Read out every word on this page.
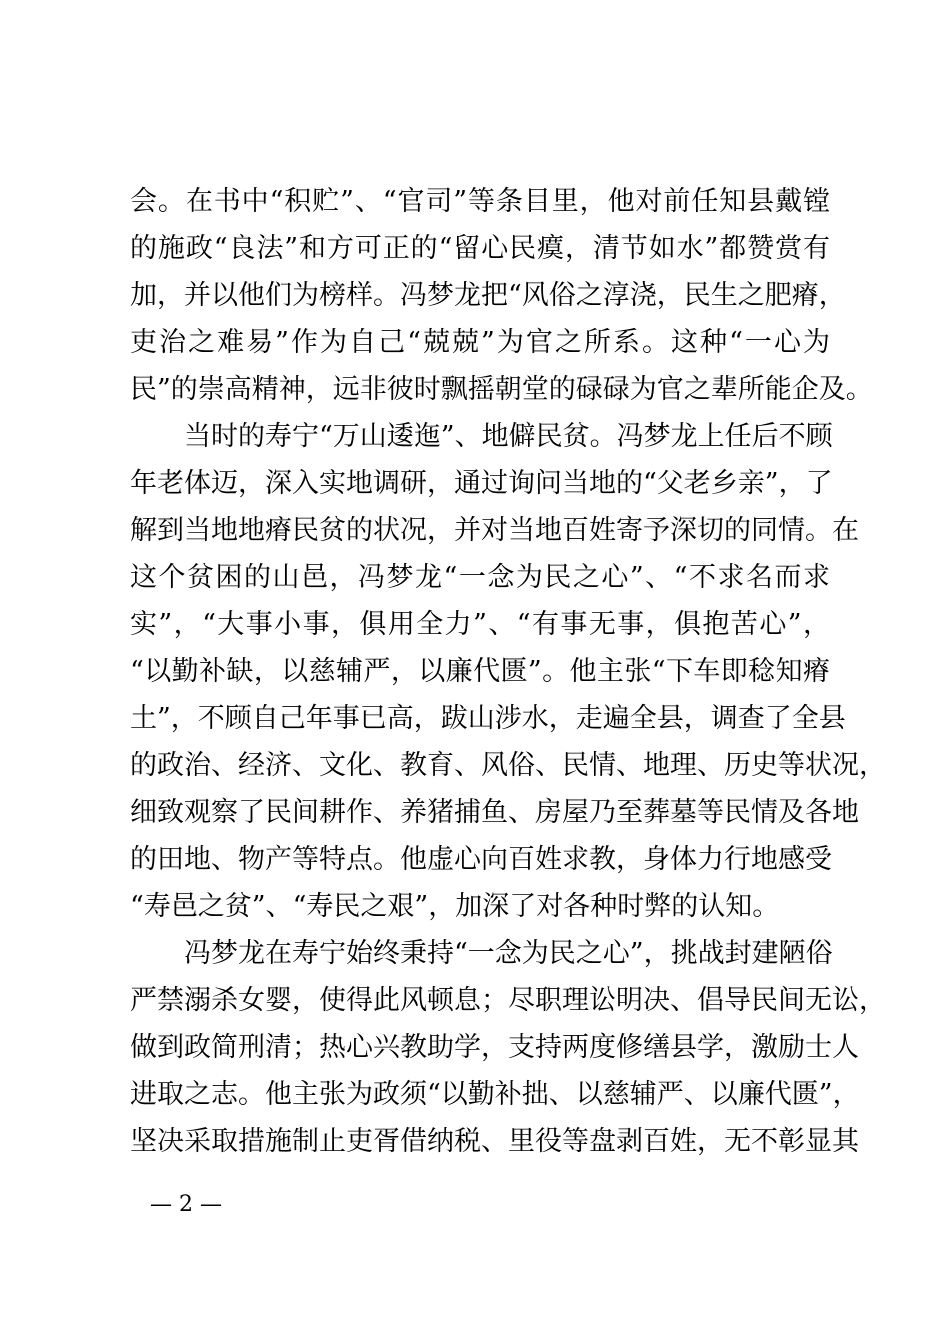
会。在书中“积贮”、“官司”等条目里，他对前任知县戴镗
的施政“良法”和方可正的“留心民瘼，清节如水”都赞赏有
加，并以他们为榜样。冯梦龙把“风俗之淳浇，民生之肥瘠，
吏治之难易”作为自己“兢兢”为官之所系。这种“一心为
民”的崇高精神，远非彼时飘摇朝堂的碌碌为官之辈所能企及。
当时的寿宁“万山逶迤”、地僻民贫。冯梦龙上任后不顾
年老体迈，深入实地调研，通过询问当地的“父老乡亲”，了
解到当地地瘠民贫的状况，并对当地百姓寄予深切的同情。在
这个贫困的山邑，冯梦龙“一念为民之心”、“不求名而求
实”，“大事小事，俱用全力”、“有事无事，俱抱苦心”，
“以勤补缺，以慈辅严，以廉代匮”。他主张“下车即稔知瘠
土”，不顾自己年事已高，跋山涉水，走遍全县，调查了全县
的政治、经济、文化、教育、风俗、民情、地理、历史等状况，
细致观察了民间耕作、养猪捕鱼、房屋乃至葬墓等民情及各地
的田地、物产等特点。他虚心向百姓求教，身体力行地感受
“寿邑之贫”、“寿民之艰”，加深了对各种时弊的认知。
冯梦龙在寿宁始终秉持“一念为民之心”，挑战封建陋俗
严禁溺杀女婴，使得此风顿息；尽职理讼明决、倡导民间无讼，
做到政简刑清；热心兴教助学，支持两度修缮县学，激励士人
进取之志。他主张为政须“以勤补拙、以慈辅严、以廉代匮”，
坚决采取措施制止吏胥借纳税、里役等盘剥百姓，无不彰显其
— 2 —
